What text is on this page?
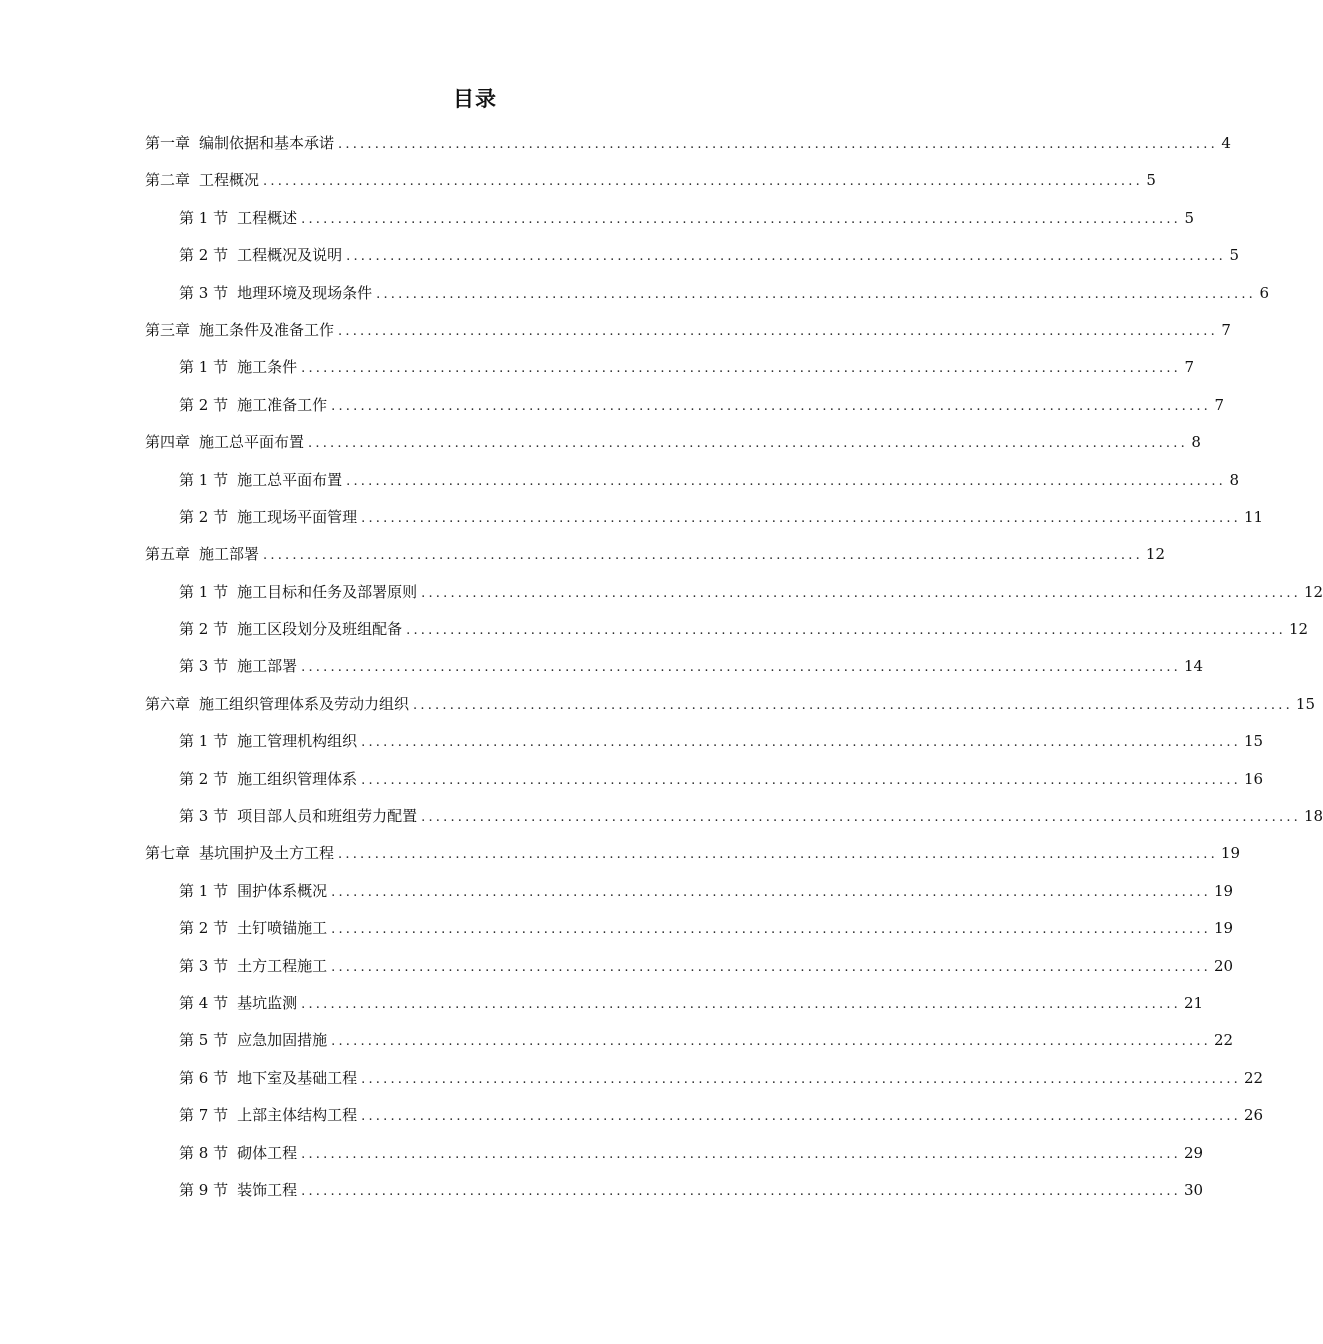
目录
第一章 编制依据和基本承诺 ........................................................................................................................ 4
第二章 工程概况 ........................................................................................................................ 5
第 1 节 工程概述 ........................................................................................................................ 5
第 2 节 工程概况及说明 ........................................................................................................................ 5
第 3 节 地理环境及现场条件 ........................................................................................................................ 6
第三章 施工条件及准备工作 ........................................................................................................................ 7
第 1 节 施工条件 ........................................................................................................................ 7
第 2 节 施工准备工作 ........................................................................................................................ 7
第四章 施工总平面布置 ........................................................................................................................ 8
第 1 节 施工总平面布置 ........................................................................................................................ 8
第 2 节 施工现场平面管理 ........................................................................................................................ 11
第五章 施工部署 ........................................................................................................................ 12
第 1 节 施工目标和任务及部署原则 ........................................................................................................................ 12
第 2 节 施工区段划分及班组配备 ........................................................................................................................ 12
第 3 节 施工部署 ........................................................................................................................ 14
第六章 施工组织管理体系及劳动力组织 ........................................................................................................................ 15
第 1 节 施工管理机构组织 ........................................................................................................................ 15
第 2 节 施工组织管理体系 ........................................................................................................................ 16
第 3 节 项目部人员和班组劳力配置 ........................................................................................................................ 18
第七章 基坑围护及土方工程 ........................................................................................................................ 19
第 1 节 围护体系概况 ........................................................................................................................ 19
第 2 节 土钉喷锚施工 ........................................................................................................................ 19
第 3 节 土方工程施工 ........................................................................................................................ 20
第 4 节 基坑监测 ........................................................................................................................ 21
第 5 节 应急加固措施 ........................................................................................................................ 22
第 6 节 地下室及基础工程 ........................................................................................................................ 22
第 7 节 上部主体结构工程 ........................................................................................................................ 26
第 8 节 砌体工程 ........................................................................................................................ 29
第 9 节 装饰工程 ........................................................................................................................ 30
